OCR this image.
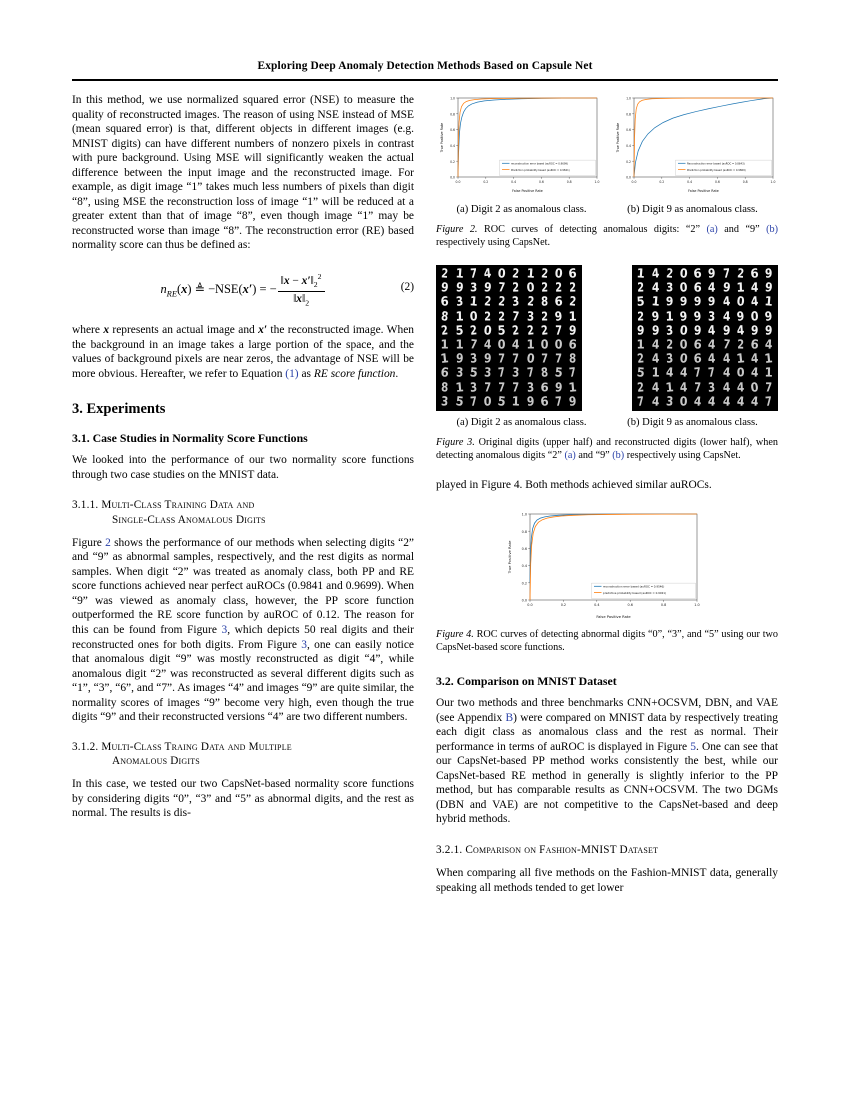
Exploring Deep Anomaly Detection Methods Based on Capsule Net

In this method, we use normalized squared error (NSE) to measure the quality of reconstructed images. The reason of using NSE instead of MSE (mean squared error) is that, different objects in different images (e.g. MNIST digits) can have different numbers of nonzero pixels in contrast with pure background. Using MSE will significantly weaken the actual difference between the input image and the reconstructed image. For example, as digit image “1” takes much less numbers of pixels than digit “8”, using MSE the reconstruction loss of image “1” will be reduced at a greater extent than that of image “8”, even though image “1” may be reconstructed worse than image “8”. The reconstruction error (RE) based normality score can thus be defined as:

$n_{RE}(x)$ ≜ −NSE(x′) = − $\frac{‖x - x'‖_2^2}{‖x‖_2}$	(2)

where x represents an actual image and x′ the reconstructed image. When the background in an image takes a large portion of the space, and the values of background pixels are near zeros, the advantage of NSE will be more obvious. Hereafter, we refer to Equation (1) as RE score function.

3. Experiments
3.1. Case Studies in Normality Score Functions

We looked into the performance of our two normality score functions through two case studies on the MNIST data.

3.1.1. Multi-Class Training Data and
Single-Class Anomalous Digits

Figure 2 shows the performance of our methods when selecting digits “2” and “9” as abnormal samples, respectively, and the rest digits as normal samples. When digit “2” was treated as anomaly class, both PP and RE score functions achieved near perfect auROCs (0.9841 and 0.9699). When “9” was viewed as anomaly class, however, the PP score function outperformed the RE score function by auROC of 0.12. The reason for this can be found from Figure 3, which depicts 50 real digits and their reconstructed ones for both digits. From Figure 3, one can easily notice that anomalous digit “9” was mostly reconstructed as digit “4”, while anomalous digit “2” was reconstructed as several different digits such as “1”, “3”, “6”, and “7”. As images “4” and images “9” are quite similar, the normality scores of images “9” become very high, even though the true digits “9” and their reconstructed versions “4” are two different numbers.

3.1.2. Multi-Class Traing Data and Multiple
Anomalous Digits

In this case, we tested our two CapsNet-based normality score functions by considering digits “0”, “3” and “5” as abnormal digits, and the rest as normal. The results is dis-

0.0	0.2	0.4	0.6	0.8	1.0
0.0
0.2
0.4
0.6
0.8
1.0
False Positive Rate
True Positive Rate
reconstruction error based (auROC = 0.9699)
Prediction probability based (auROC = 0.9841)
0.0	0.2	0.4	0.6	0.8	1.0
0.0
0.2
0.4
0.6
0.8
1.0
False Positive Rate
True Positive Rate
Reconstruction error based (auROC = 0.8643)
Prediction probability based (auROC = 0.9869)
(a) Digit 2 as anomalous class.	(b) Digit 9 as anomalous class.
Figure 2. ROC curves of detecting anomalous digits: “2” (a) and “9” (b) respectively using CapsNet.
2 1 7 4 0 2 1 2 0 6
9 9 3 9 7 2 0 2 2 2
6 3 1 2 2 3 2 8 6 2
8 1 0 2 2 7 3 2 9 1
2 5 2 0 5 2 2 2 7 9
1 1 7 4 0 4 1 0 0 6
1 9 3 9 7 7 0 7 7 8
6 3 5 3 7 3 7 8 5 7
8 1 3 7 7 7 3 6 9 1
3 5 7 0 5 1 9 6 7 9
1 4 2 0 6 9 7 2 6 9
2 4 3 0 6 4 9 1 4 9
5 1 9 9 9 9 4 0 4 1
2 9 1 9 9 3 4 9 0 9
9 9 3 0 9 4 9 4 9 9
1 4 2 0 6 4 7 2 6 4
2 4 3 0 6 4 4 1 4 1
5 1 4 4 7 7 4 0 4 1
2 4 1 4 7 3 4 4 0 7
7 4 3 0 4 4 4 4 4 7
(a) Digit 2 as anomalous class.	(b) Digit 9 as anomalous class.
Figure 3. Original digits (upper half) and reconstructed digits (lower half), when detecting anomalous digits “2” (a) and “9” (b) respectively using CapsNet.

played in Figure 4. Both methods achieved similar auROCs.

0.0	0.2	0.4	0.6	0.8	1.0
0.0
0.2
0.4
0.6
0.8
1.0
False Positive Rate
True Positive Rate
reconstruction error based (auROC = 0.9546)
predictive probability based (auROC = 0.9921)
Figure 4. ROC curves of detecting abnormal digits “0”, “3”, and “5” using our two CapsNet-based score functions.
3.2. Comparison on MNIST Dataset

Our two methods and three benchmarks CNN+OCSVM, DBN, and VAE (see Appendix B) were compared on MNIST data by respectively treating each digit class as anomalous class and the rest as normal. Their performance in terms of auROC is displayed in Figure 5. One can see that our CapsNet-based PP method works consistently the best, while our CapsNet-based RE method in generally is slightly inferior to the PP method, but has comparable results as CNN+OCSVM. The two DGMs (DBN and VAE) are not competitive to the CapsNet-based and deep hybrid methods.

3.2.1. Comparison on Fashion-MNIST Dataset

When comparing all five methods on the Fashion-MNIST data, generally speaking all methods tended to get lower
